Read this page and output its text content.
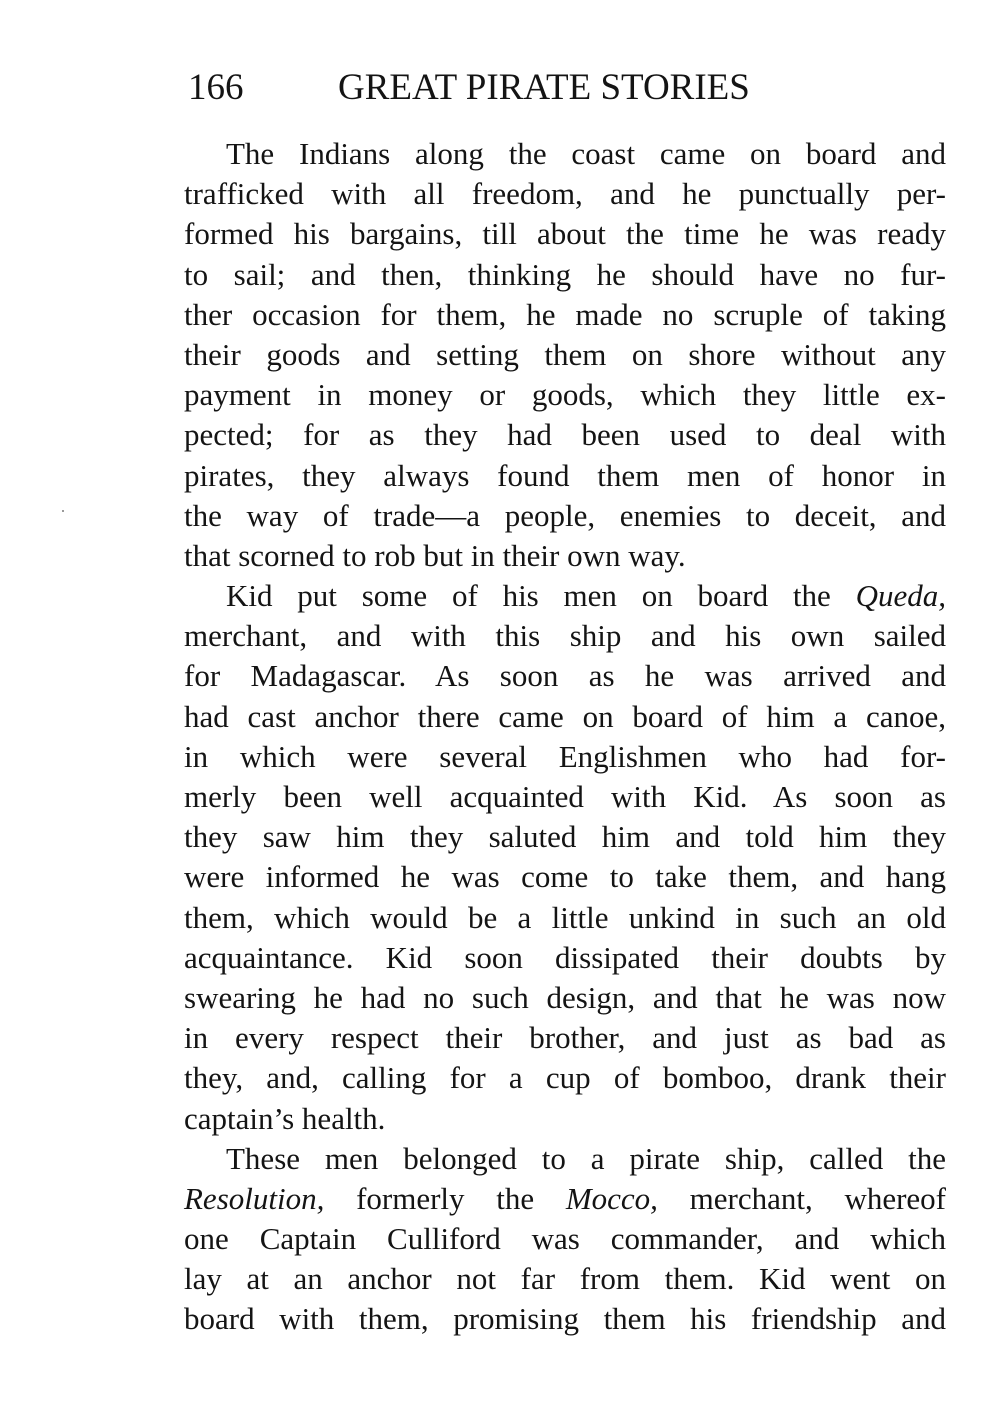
166	GREAT PIRATE STORIES

The Indians along the coast came on board and
trafficked with all freedom, and he punctually per-
formed his bargains, till about the time he was ready
to sail; and then, thinking he should have no fur-
ther occasion for them, he made no scruple of taking
their goods and setting them on shore without any
payment in money or goods, which they little ex-
pected; for as they had been used to deal with
pirates, they always found them men of honor in
the way of trade—a people, enemies to deceit, and
that scorned to rob but in their own way.

Kid put some of his men on board the Queda,
merchant, and with this ship and his own sailed
for Madagascar. As soon as he was arrived and
had cast anchor there came on board of him a canoe,
in which were several Englishmen who had for-
merly been well acquainted with Kid. As soon as
they saw him they saluted him and told him they
were informed he was come to take them, and hang
them, which would be a little unkind in such an old
acquaintance. Kid soon dissipated their doubts by
swearing he had no such design, and that he was now
in every respect their brother, and just as bad as
they, and, calling for a cup of bomboo, drank their
captain’s health.

These men belonged to a pirate ship, called the
Resolution, formerly the Mocco, merchant, whereof
one Captain Culliford was commander, and which
lay at an anchor not far from them. Kid went on
board with them, promising them his friendship and
